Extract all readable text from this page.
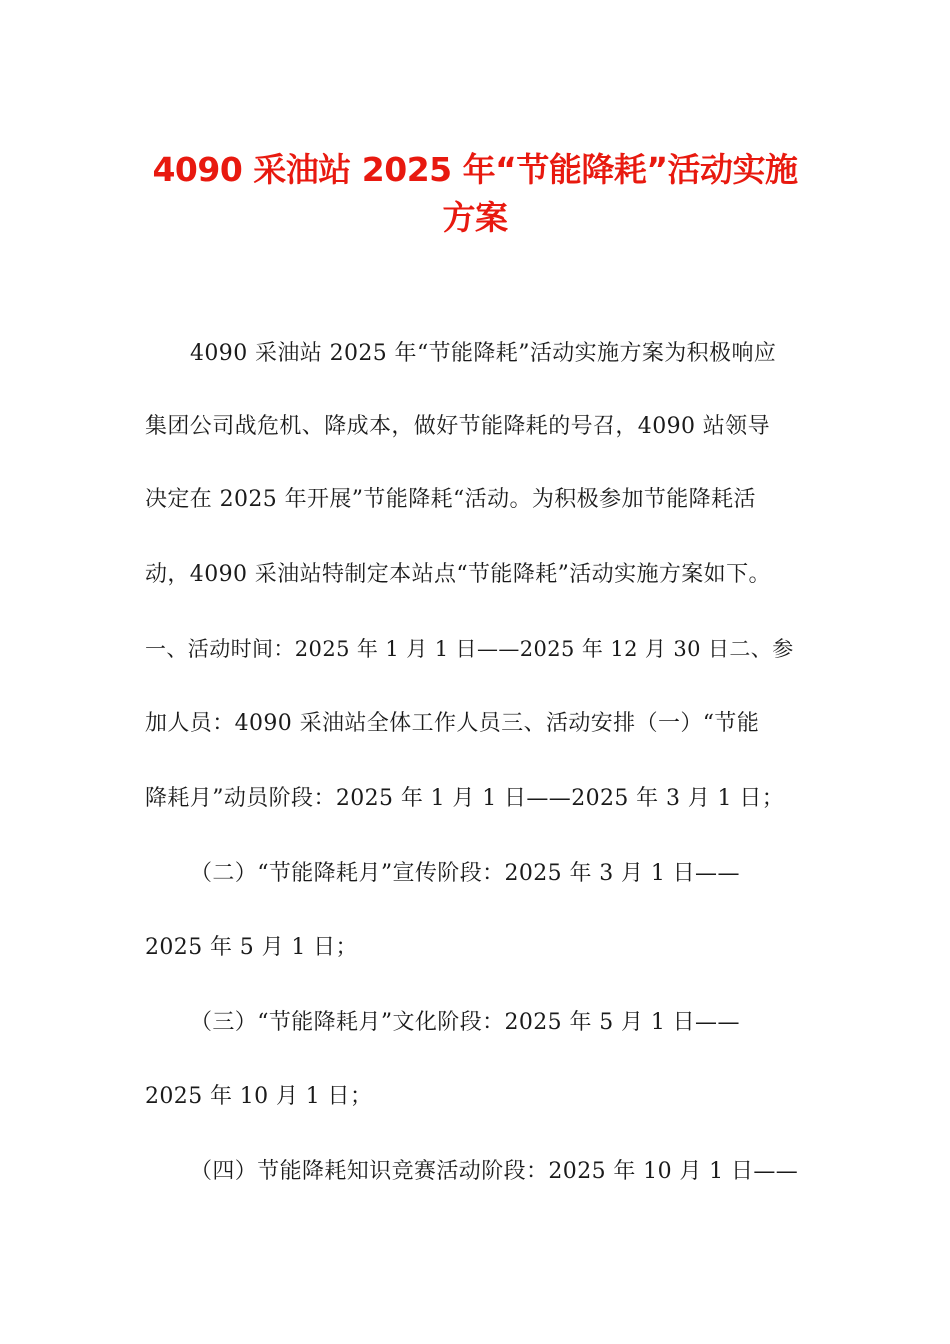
4090 采油站 2025 年“节能降耗”活动实施
方案
4090 采油站 2025 年“节能降耗”活动实施方案为积极响应
集团公司战危机、降成本，做好节能降耗的号召，4090 站领导
决定在 2025 年开展”节能降耗“活动。为积极参加节能降耗活
动，4090 采油站特制定本站点“节能降耗”活动实施方案如下。
一、活动时间：2025 年 1 月 1 日——2025 年 12 月 30 日二、参
加人员：4090 采油站全体工作人员三、活动安排（一）“节能
降耗月”动员阶段：2025 年 1 月 1 日——2025 年 3 月 1 日；
（二）“节能降耗月”宣传阶段：2025 年 3 月 1 日——
2025 年 5 月 1 日；
（三）“节能降耗月”文化阶段：2025 年 5 月 1 日——
2025 年 10 月 1 日；
（四）节能降耗知识竞赛活动阶段：2025 年 10 月 1 日——
